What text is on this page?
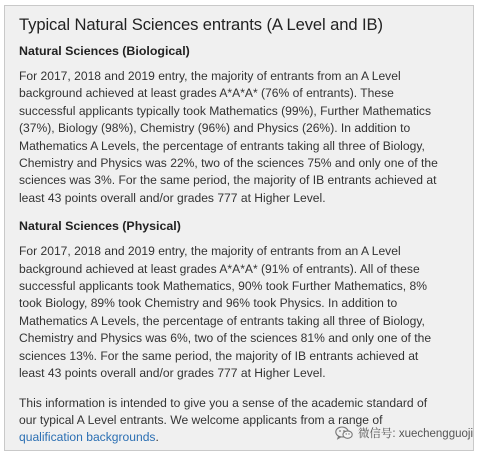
Typical Natural Sciences entrants (A Level and IB)
Natural Sciences (Biological)

For 2017, 2018 and 2019 entry, the majority of entrants from an A Level
background achieved at least grades A*A*A* (76% of entrants). These
successful applicants typically took Mathematics (99%), Further Mathematics
(37%), Biology (98%), Chemistry (96%) and Physics (26%). In addition to
Mathematics A Levels, the percentage of entrants taking all three of Biology,
Chemistry and Physics was 22%, two of the sciences 75% and only one of the
sciences was 3%. For the same period, the majority of IB entrants achieved at
least 43 points overall and/or grades 777 at Higher Level.

Natural Sciences (Physical)

For 2017, 2018 and 2019 entry, the majority of entrants from an A Level
background achieved at least grades A*A*A* (91% of entrants). All of these
successful applicants took Mathematics, 90% took Further Mathematics, 8%
took Biology, 89% took Chemistry and 96% took Physics. In addition to
Mathematics A Levels, the percentage of entrants taking all three of Biology,
Chemistry and Physics was 6%, two of the sciences 81% and only one of the
sciences 13%. For the same period, the majority of IB entrants achieved at
least 43 points overall and/or grades 777 at Higher Level.

This information is intended to give you a sense of the academic standard of
our typical A Level entrants. We welcome applicants from a range of
qualification backgrounds.	微信号: xuechengguoji
